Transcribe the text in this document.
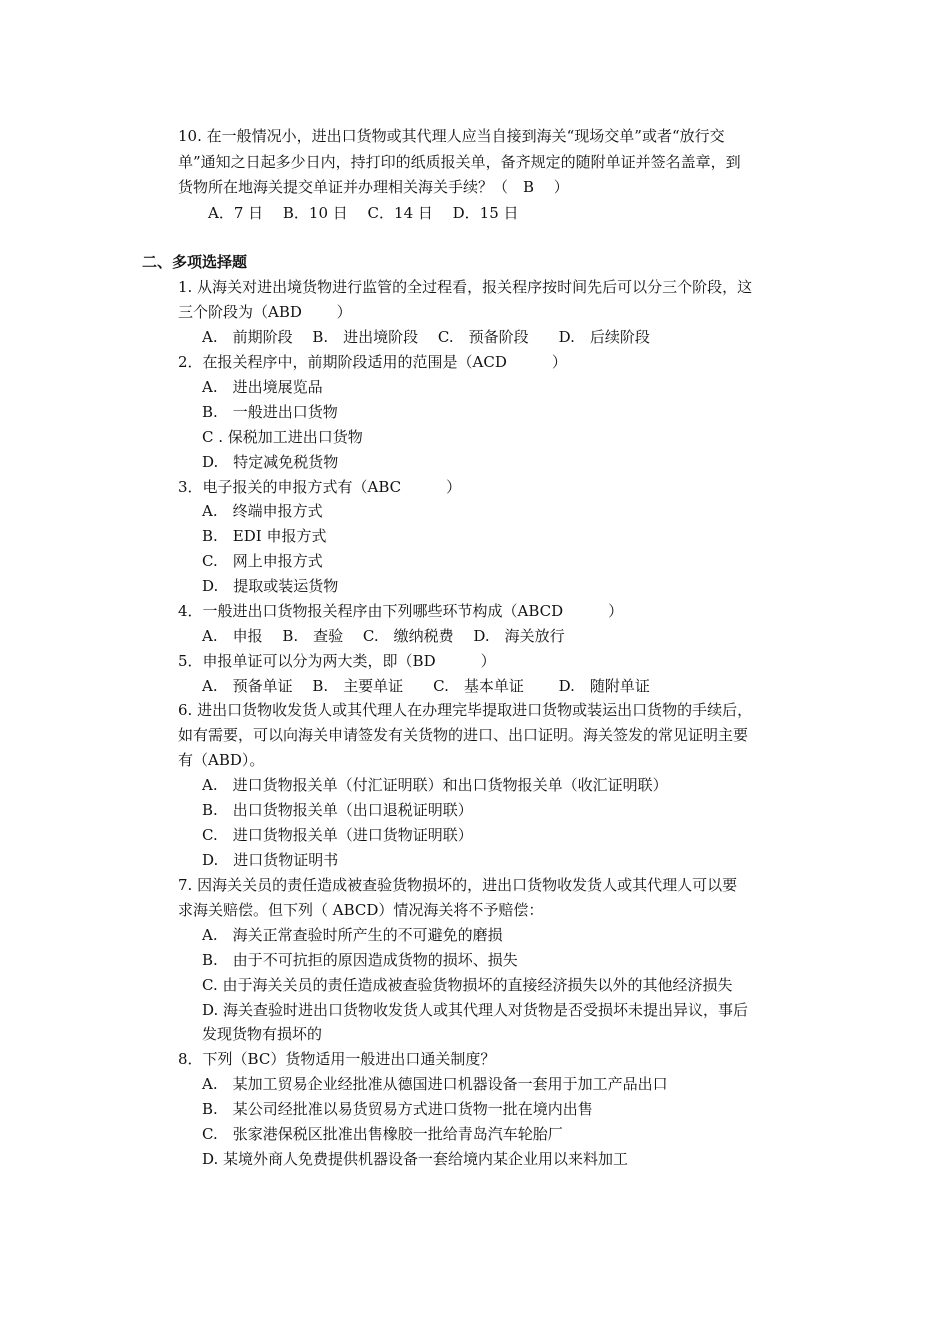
10. 在一般情况小，进出口货物或其代理人应当自接到海关“现场交单”或者“放行交
单”通知之日起多少日内，持打印的纸质报关单，备齐规定的随附单证并签名盖章，到
货物所在地海关提交单证并办理相关海关手续？（　B　 ）
A．7 日　 B．10 日　 C．14 日　 D．15 日
二、多项选择题
1. 从海关对进出境货物进行监管的全过程看，报关程序按时间先后可以分三个阶段，这
三个阶段为（ABD　　 ）
A.　前期阶段　 B.　进出境阶段　 C.　预备阶段　　D.　后续阶段
2．在报关程序中，前期阶段适用的范围是（ACD　　　）
A.　进出境展览品
B.　一般进出口货物
C . 保税加工进出口货物
D.　特定减免税货物
3．电子报关的申报方式有（ABC　　　）
A.　终端申报方式
B.　EDI 申报方式
C.　网上申报方式
D.　提取或装运货物
4．一般进出口货物报关程序由下列哪些环节构成（ABCD　　　）
A.　申报　 B.　查验　 C.　缴纳税费　 D.　海关放行
5．申报单证可以分为两大类，即（BD　　　）
A.　预备单证　 B.　主要单证　　C.　基本单证　　 D.　随附单证
6. 进出口货物收发货人或其代理人在办理完毕提取进口货物或装运出口货物的手续后，
如有需要，可以向海关申请签发有关货物的进口、出口证明。海关签发的常见证明主要
有（ABD）。
A.　进口货物报关单（付汇证明联）和出口货物报关单（收汇证明联）
B.　出口货物报关单（出口退税证明联）
C.　进口货物报关单（进口货物证明联）
D.　进口货物证明书
7. 因海关关员的责任造成被查验货物损坏的，进出口货物收发货人或其代理人可以要
求海关赔偿。但下列（ ABCD）情况海关将不予赔偿：
A.　海关正常查验时所产生的不可避免的磨损
B.　由于不可抗拒的原因造成货物的损坏、损失
C. 由于海关关员的责任造成被查验货物损坏的直接经济损失以外的其他经济损失
D. 海关查验时进出口货物收发货人或其代理人对货物是否受损坏未提出异议，事后
发现货物有损坏的
8．下列（BC）货物适用一般进出口通关制度？
A.　某加工贸易企业经批准从德国进口机器设备一套用于加工产品出口
B.　某公司经批准以易货贸易方式进口货物一批在境内出售
C.　张家港保税区批准出售橡胶一批给青岛汽车轮胎厂
D. 某境外商人免费提供机器设备一套给境内某企业用以来料加工
